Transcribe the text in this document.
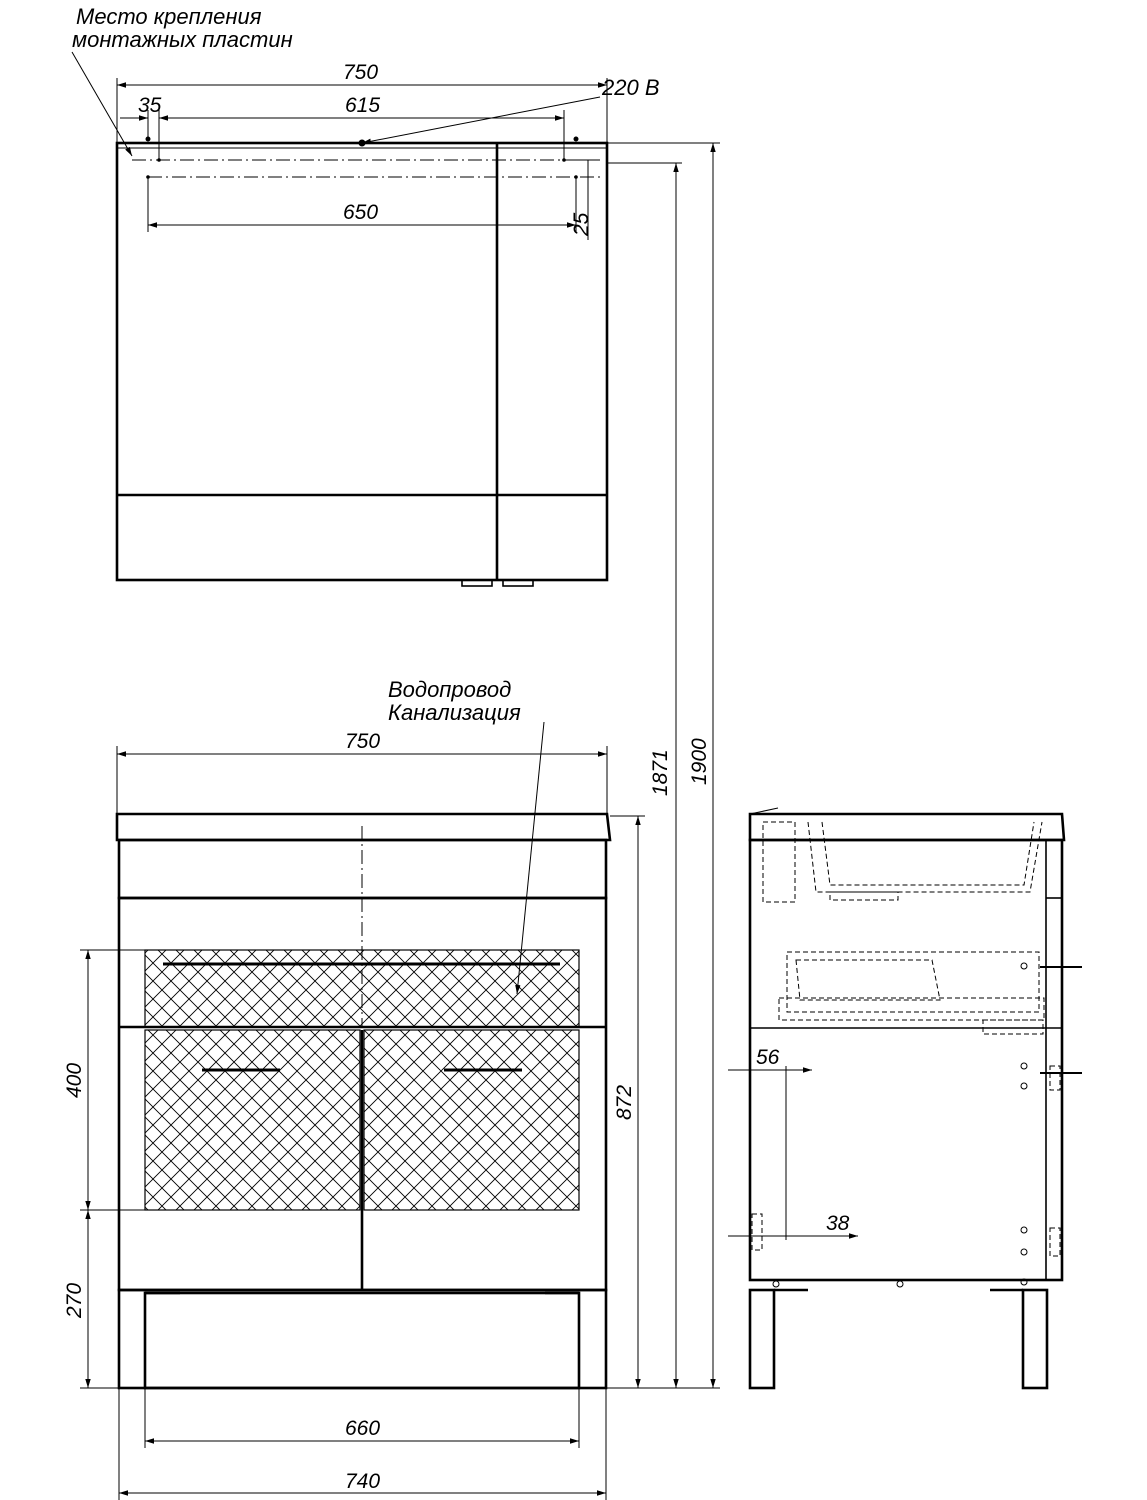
Место крепления
монтажных пластин
220 В
750
35	615
650
25
Водопровод
Канализация
750
1871 1900
872
400
270
660
740
56
38
